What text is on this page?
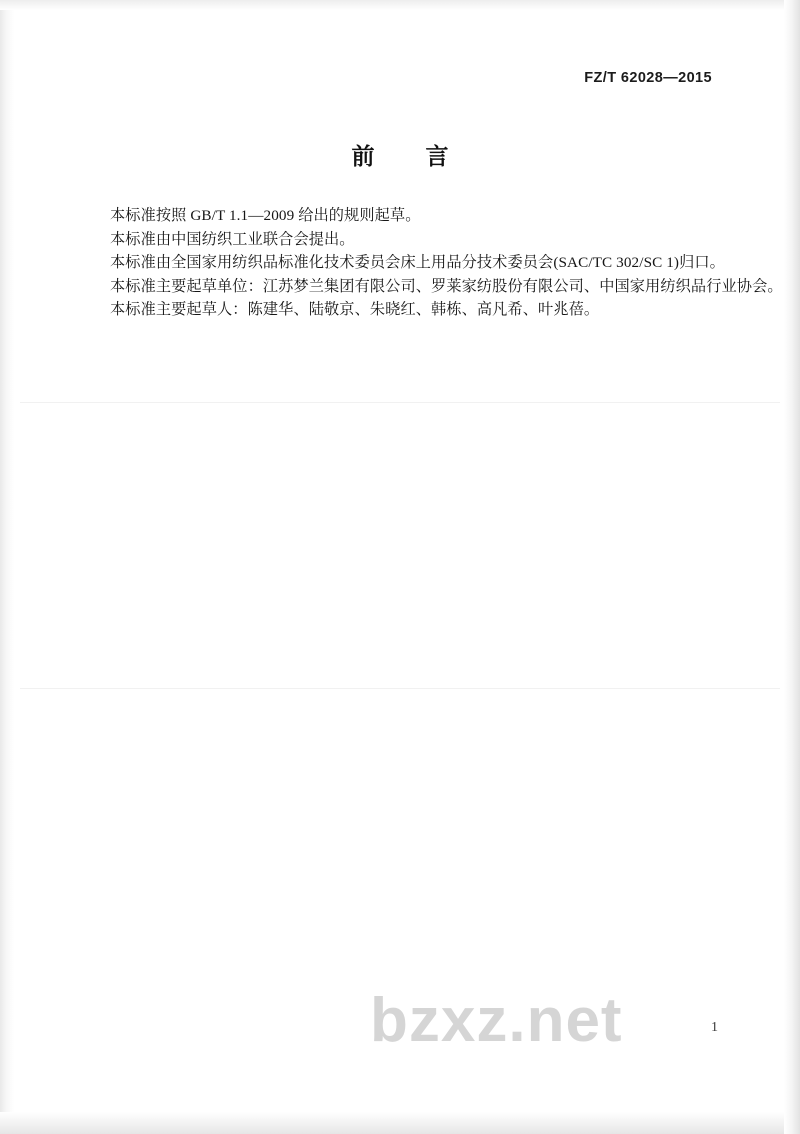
FZ/T 62028—2015
前　言

本标准按照 GB/T 1.1—2009 给出的规则起草。

本标准由中国纺织工业联合会提出。

本标准由全国家用纺织品标准化技术委员会床上用品分技术委员会(SAC/TC 302/SC 1)归口。

本标准主要起草单位：江苏梦兰集团有限公司、罗莱家纺股份有限公司、中国家用纺织品行业协会。

本标准主要起草人：陈建华、陆敬京、朱晓红、韩栋、高凡希、叶兆蓓。

bzxz.net	1
